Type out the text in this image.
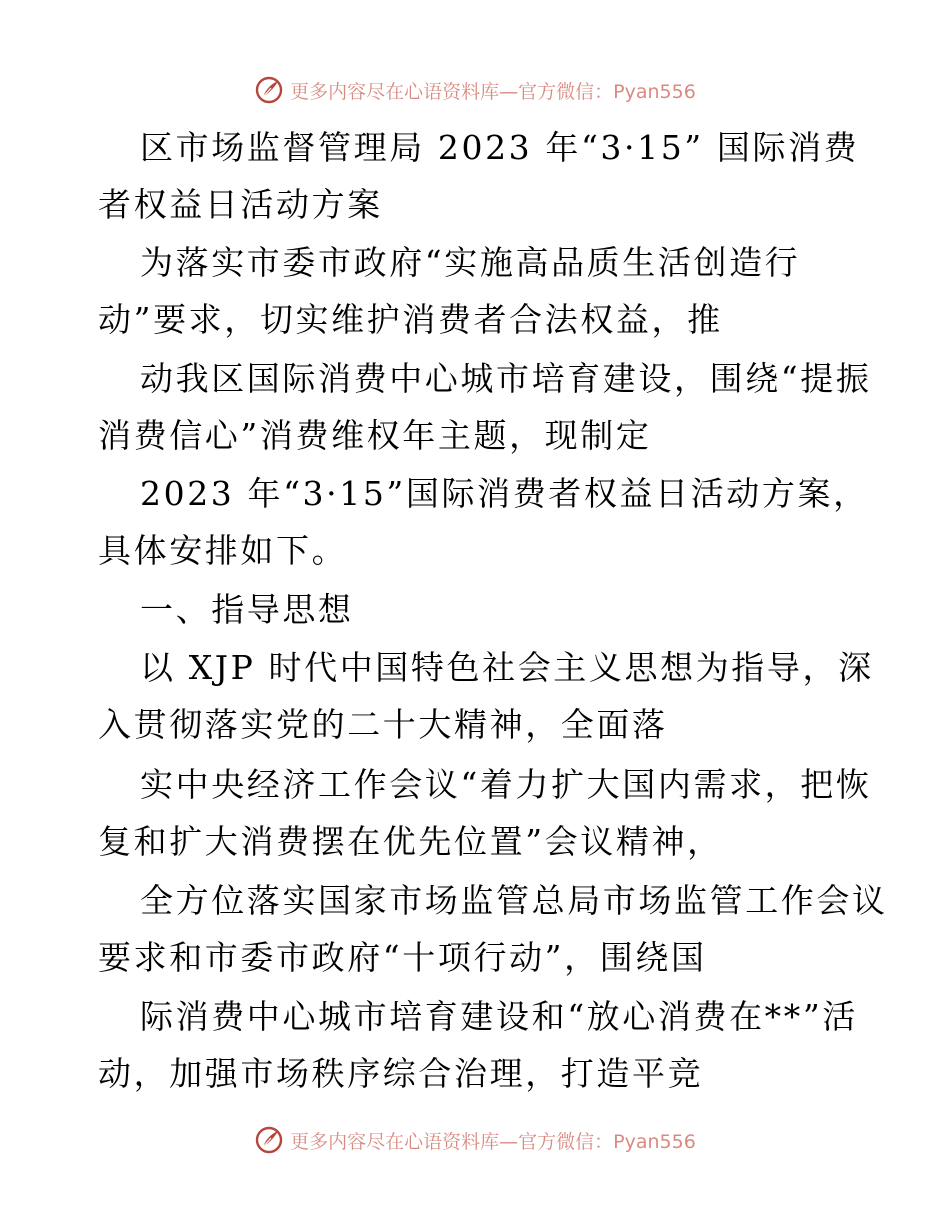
更多内容尽在心语资料库—官方微信：Pyan556
区市场监督管理局 2023 年“3·15” 国际消费
者权益日活动方案
为落实市委市政府“实施高品质生活创造行
动”要求，切实维护消费者合法权益，推
动我区国际消费中心城市培育建设，围绕“提振
消费信心”消费维权年主题，现制定
2023 年“3·15”国际消费者权益日活动方案，
具体安排如下。
一、指导思想
以 XJP 时代中国特色社会主义思想为指导，深
入贯彻落实党的二十大精神，全面落
实中央经济工作会议“着力扩大国内需求，把恢
复和扩大消费摆在优先位置”会议精神，
全方位落实国家市场监管总局市场监管工作会议
要求和市委市政府“十项行动”，围绕国
际消费中心城市培育建设和“放心消费在**”活
动，加强市场秩序综合治理，打造平竞
更多内容尽在心语资料库—官方微信：Pyan556
